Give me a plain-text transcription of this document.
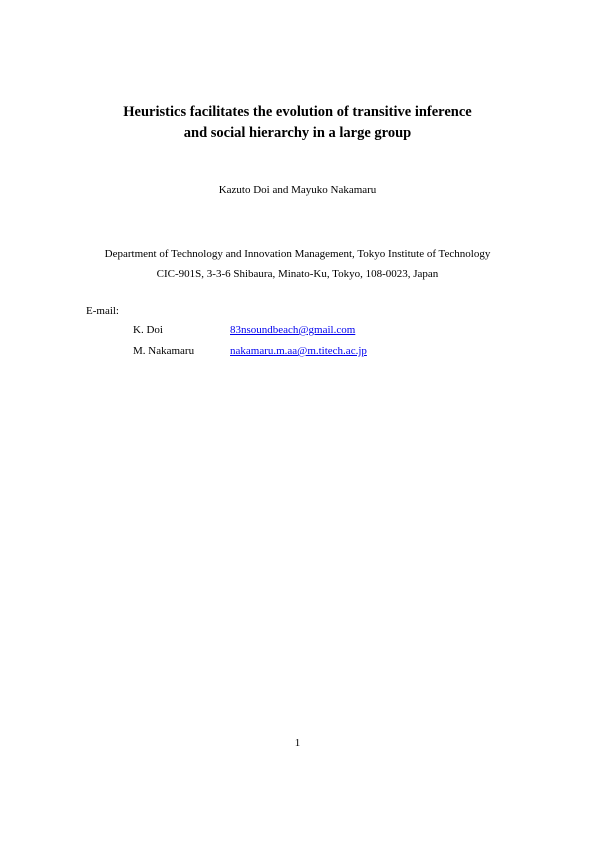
Heuristics facilitates the evolution of transitive inference
and social hierarchy in a large group
Kazuto Doi and Mayuko Nakamaru
Department of Technology and Innovation Management, Tokyo Institute of Technology
CIC-901S, 3-3-6 Shibaura, Minato-Ku, Tokyo, 108-0023, Japan
E-mail:
K. Doi	83nsoundbeach@gmail.com
M. Nakamaru	nakamaru.m.aa@m.titech.ac.jp
1
